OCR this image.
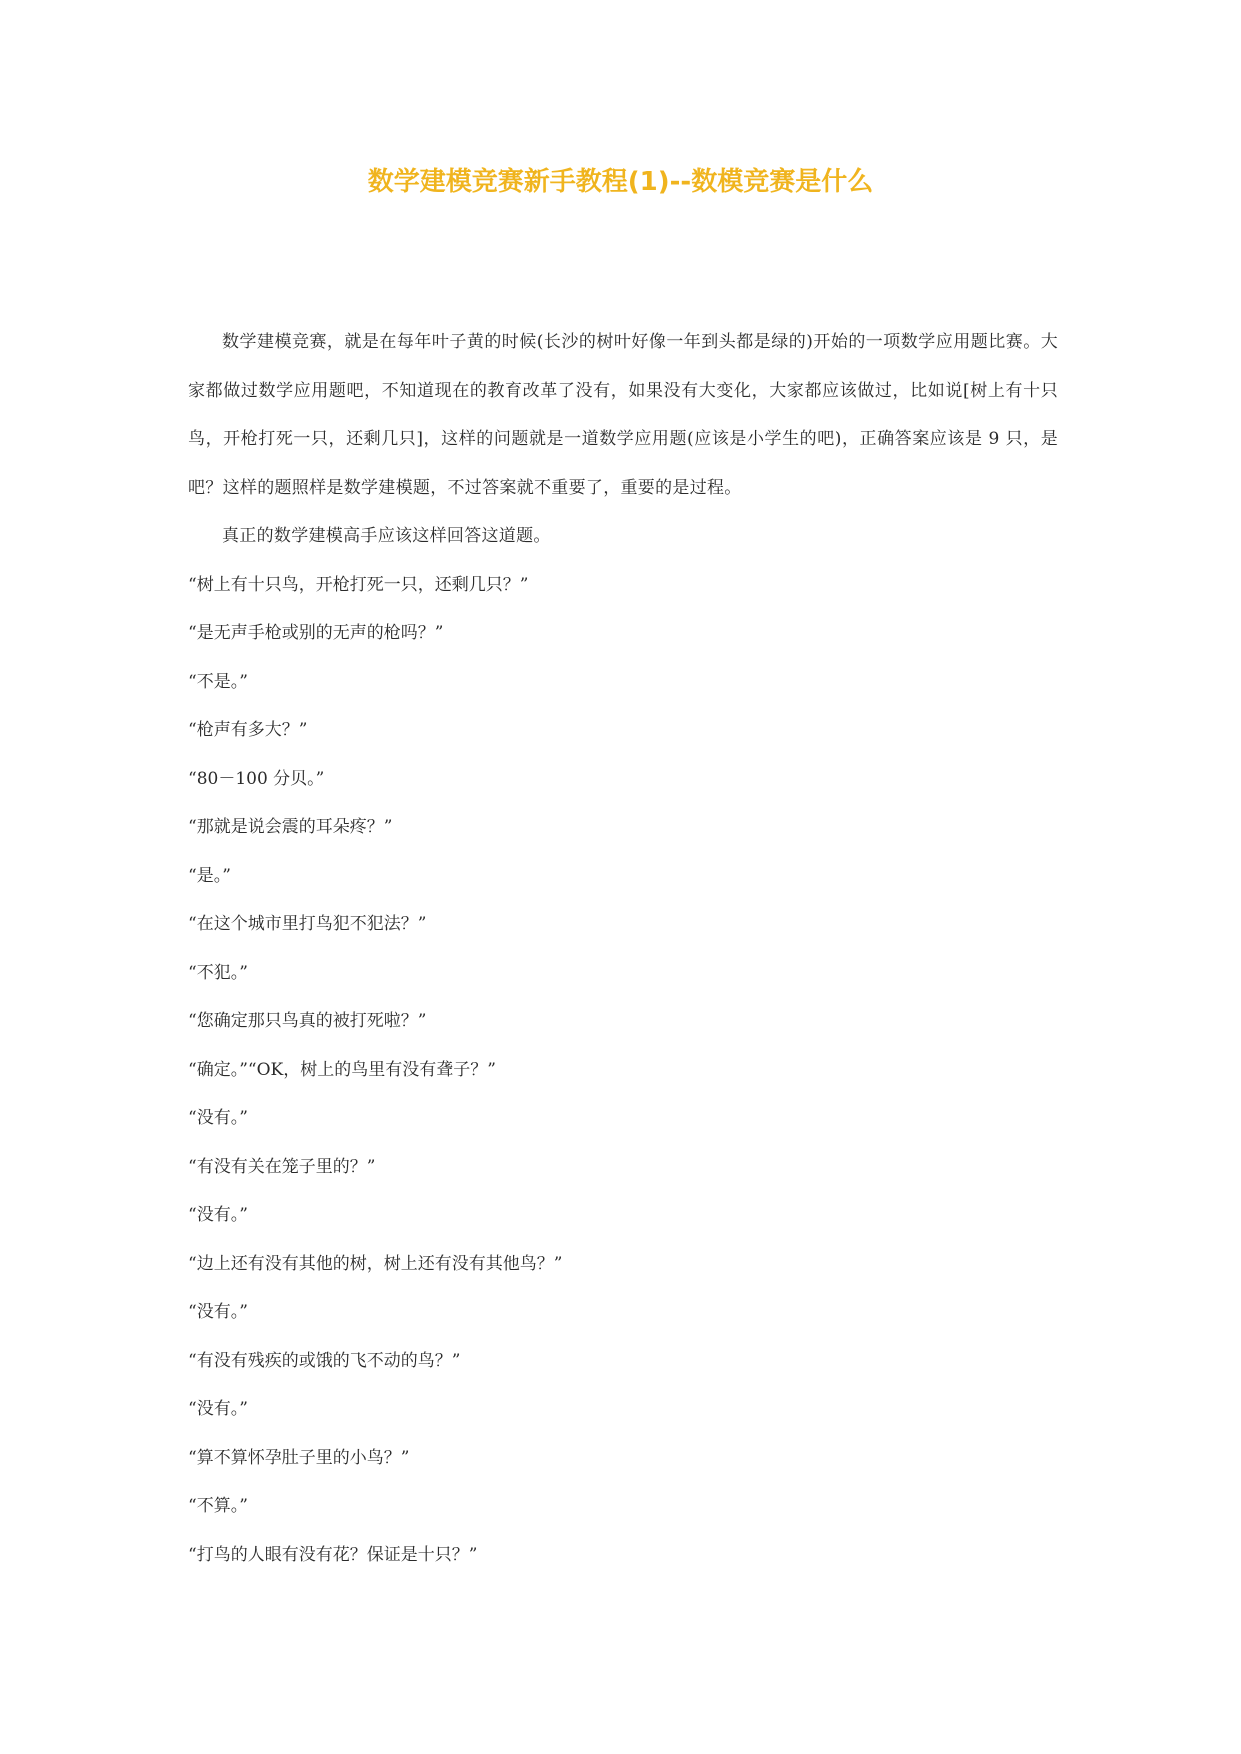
数学建模竞赛新手教程(1)--数模竞赛是什么

数学建模竞赛，就是在每年叶子黄的时候(长沙的树叶好像一年到头都是绿的)开始的一项数学应用题比赛。大家都做过数学应用题吧，不知道现在的教育改革了没有，如果没有大变化，大家都应该做过，比如说[树上有十只鸟，开枪打死一只，还剩几只]，这样的问题就是一道数学应用题(应该是小学生的吧)，正确答案应该是 9 只，是吧？这样的题照样是数学建模题，不过答案就不重要了，重要的是过程。

真正的数学建模高手应该这样回答这道题。

“树上有十只鸟，开枪打死一只，还剩几只？”

“是无声手枪或别的无声的枪吗？”

“不是。”

“枪声有多大？”

“80－100 分贝。”

“那就是说会震的耳朵疼？”

“是。”

“在这个城市里打鸟犯不犯法？”

“不犯。”

“您确定那只鸟真的被打死啦？”

“确定。”“OK，树上的鸟里有没有聋子？”

“没有。”

“有没有关在笼子里的？”

“没有。”

“边上还有没有其他的树，树上还有没有其他鸟？”

“没有。”

“有没有残疾的或饿的飞不动的鸟？”

“没有。”

“算不算怀孕肚子里的小鸟？”

“不算。”

“打鸟的人眼有没有花？保证是十只？”
